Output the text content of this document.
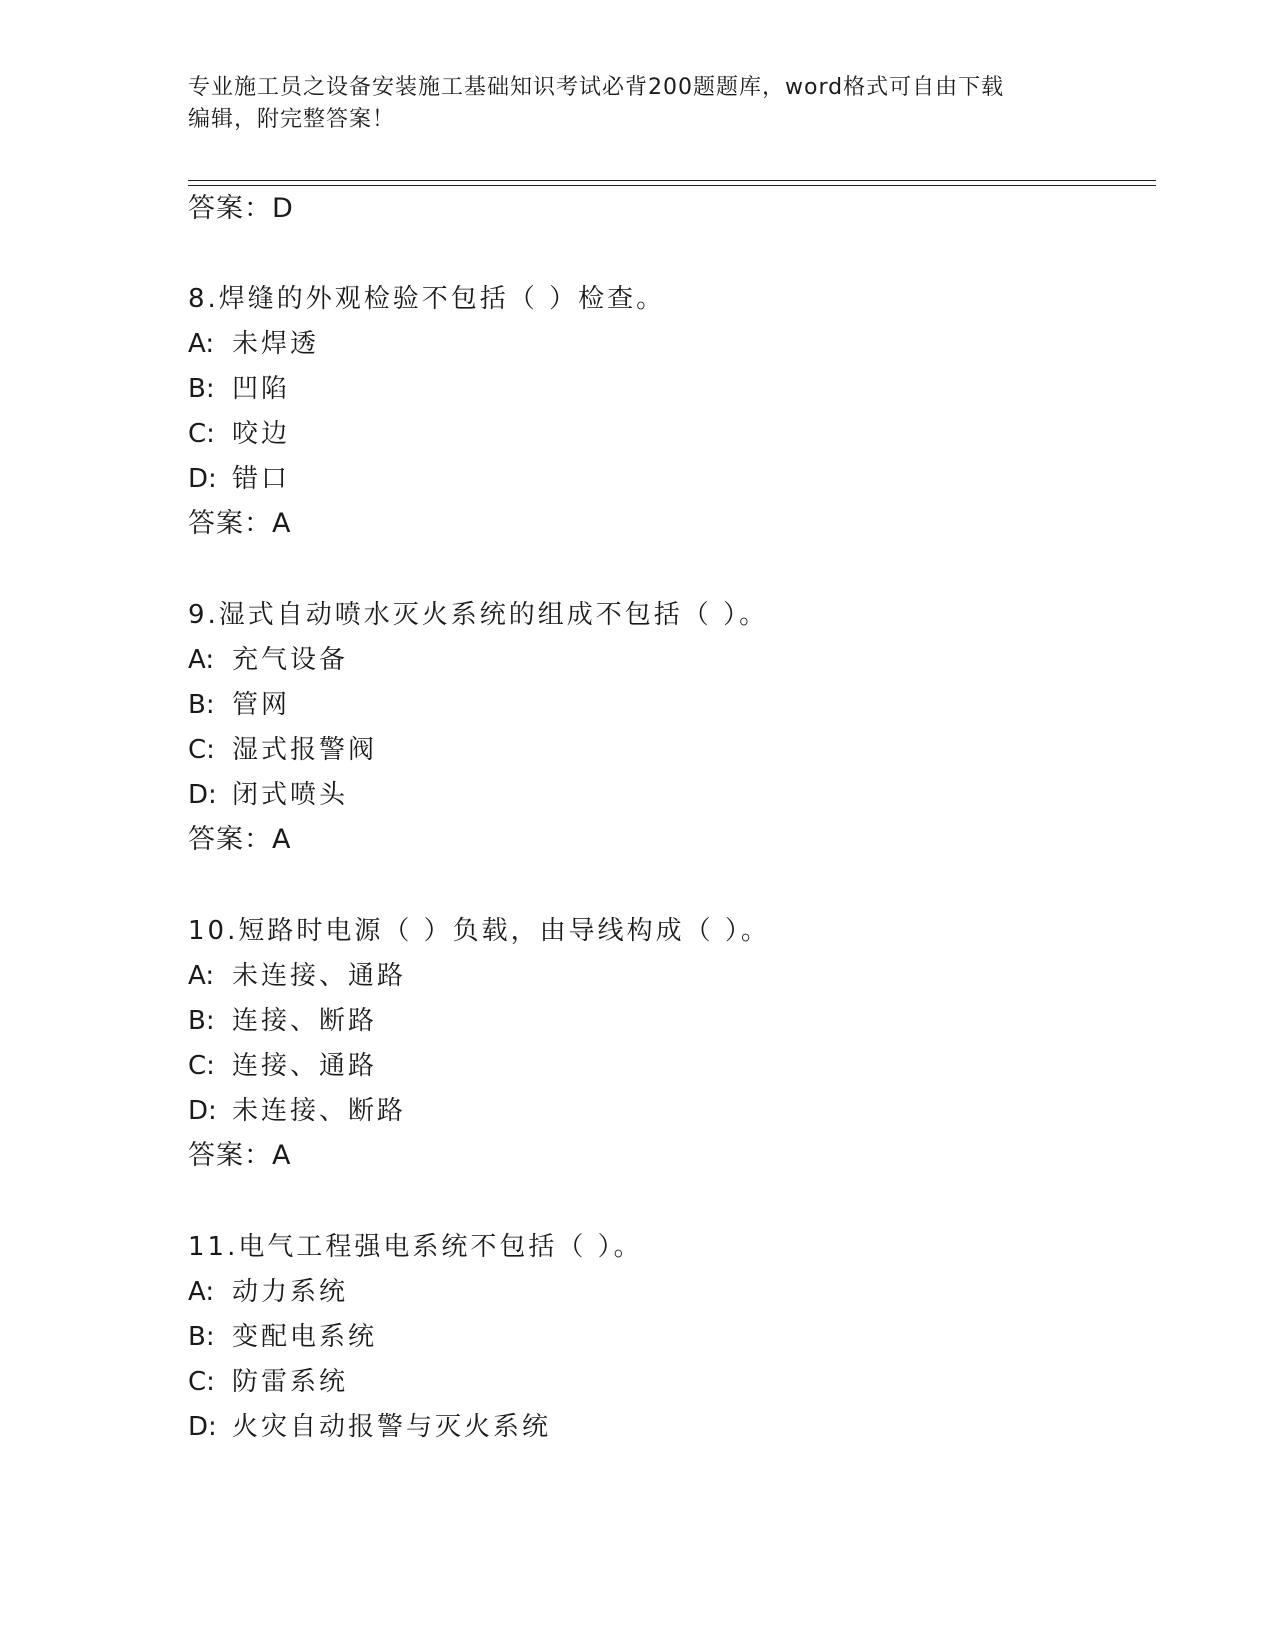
专业施工员之设备安装施工基础知识考试必背200题题库，word格式可自由下载
编辑，附完整答案！
答案：D
8.焊缝的外观检验不包括（ ）检查。
A: 未焊透
B: 凹陷
C: 咬边
D: 错口
答案：A
9.湿式自动喷水灭火系统的组成不包括（ ）。
A: 充气设备
B: 管网
C: 湿式报警阀
D: 闭式喷头
答案：A
10.短路时电源（ ）负载，由导线构成（ ）。
A: 未连接、通路
B: 连接、断路
C: 连接、通路
D: 未连接、断路
答案：A
11.电气工程强电系统不包括（ ）。
A: 动力系统
B: 变配电系统
C: 防雷系统
D: 火灾自动报警与灭火系统
